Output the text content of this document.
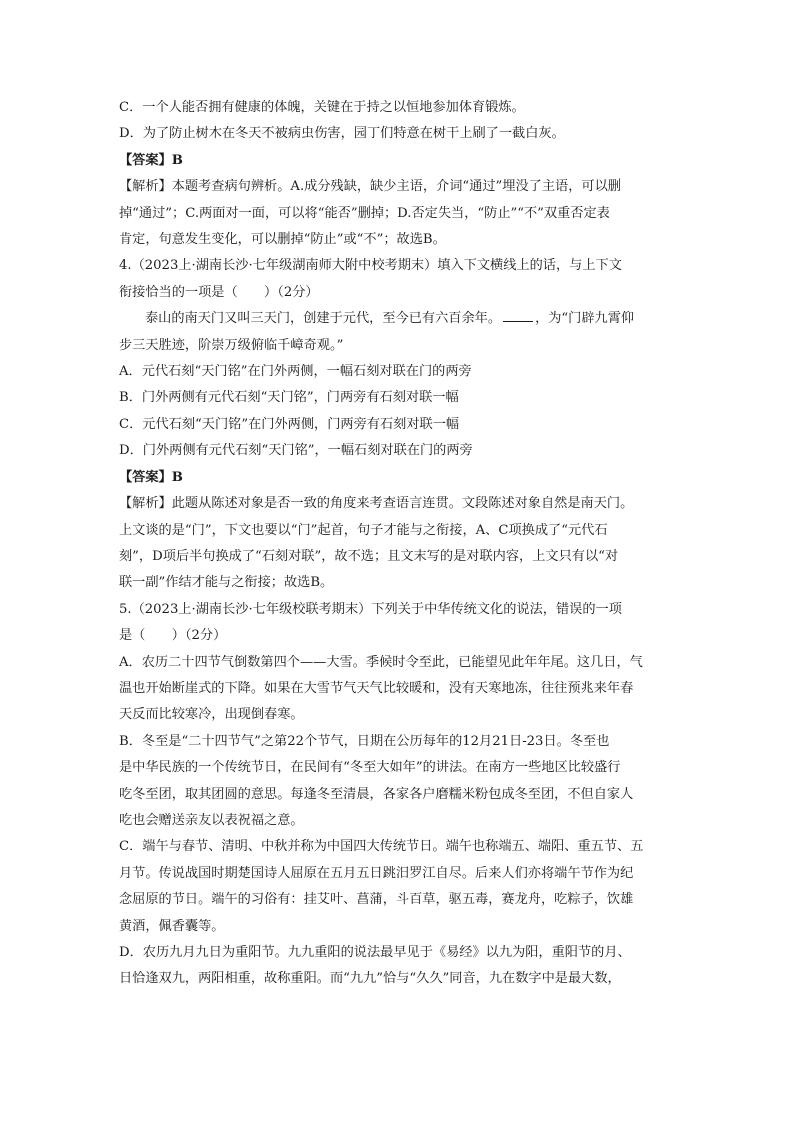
C．一个人能否拥有健康的体魄，关键在于持之以恒地参加体育锻炼。
D．为了防止树木在冬天不被病虫伤害，园丁们特意在树干上刷了一截白灰。
【答案】B
【解析】本题考查病句辨析。A.成分残缺，缺少主语，介词“通过”埋没了主语，可以删
掉“通过”；C.两面对一面，可以将“能否”删掉；D.否定失当，“防止”“不”双重否定表
肯定，句意发生变化，可以删掉“防止”或“不”；故选B。
4.（2023上·湖南长沙·七年级湖南师大附中校考期末）填入下文横线上的话，与上下文
衔接恰当的一项是（　　）（2分）
泰山的南天门又叫三天门，创建于元代，至今已有六百余年。	，为“门辟九霄仰
步三天胜迹，阶崇万级俯临千嶂奇观。”
A．元代石刻“天门铭”在门外两侧，一幅石刻对联在门的两旁
B．门外两侧有元代石刻“天门铭”，门两旁有石刻对联一幅
C．元代石刻“天门铭”在门外两侧，门两旁有石刻对联一幅
D．门外两侧有元代石刻“天门铭”，一幅石刻对联在门的两旁
【答案】B
【解析】此题从陈述对象是否一致的角度来考查语言连贯。文段陈述对象自然是南天门。
上文谈的是“门”，下文也要以“门”起首，句子才能与之衔接，A、C项换成了“元代石
刻”，D项后半句换成了“石刻对联”，故不选；且文末写的是对联内容，上文只有以“对
联一副”作结才能与之衔接；故选B。
5.（2023上·湖南长沙·七年级校联考期末）下列关于中华传统文化的说法，错误的一项
是（　　）（2分）
A．农历二十四节气倒数第四个——大雪。季候时令至此，已能望见此年年尾。这几日，气
温也开始断崖式的下降。如果在大雪节气天气比较暖和，没有天寒地冻，往往预兆来年春
天反而比较寒冷，出现倒春寒。
B．冬至是“二十四节气”之第22个节气，日期在公历每年的12月21日-23日。冬至也
是中华民族的一个传统节日，在民间有“冬至大如年”的讲法。在南方一些地区比较盛行
吃冬至团，取其团圆的意思。每逢冬至清晨，各家各户磨糯米粉包成冬至团，不但自家人
吃也会赠送亲友以表祝福之意。
C．端午与春节、清明、中秋并称为中国四大传统节日。端午也称端五、端阳、重五节、五
月节。传说战国时期楚国诗人屈原在五月五日跳汨罗江自尽。后来人们亦将端午节作为纪
念屈原的节日。端午的习俗有：挂艾叶、菖蒲，斗百草，驱五毒，赛龙舟，吃粽子，饮雄
黄酒，佩香囊等。
D．农历九月九日为重阳节。九九重阳的说法最早见于《易经》以九为阳，重阳节的月、
日恰逢双九，两阳相重，故称重阳。而“九九”恰与“久久”同音，九在数字中是最大数，
